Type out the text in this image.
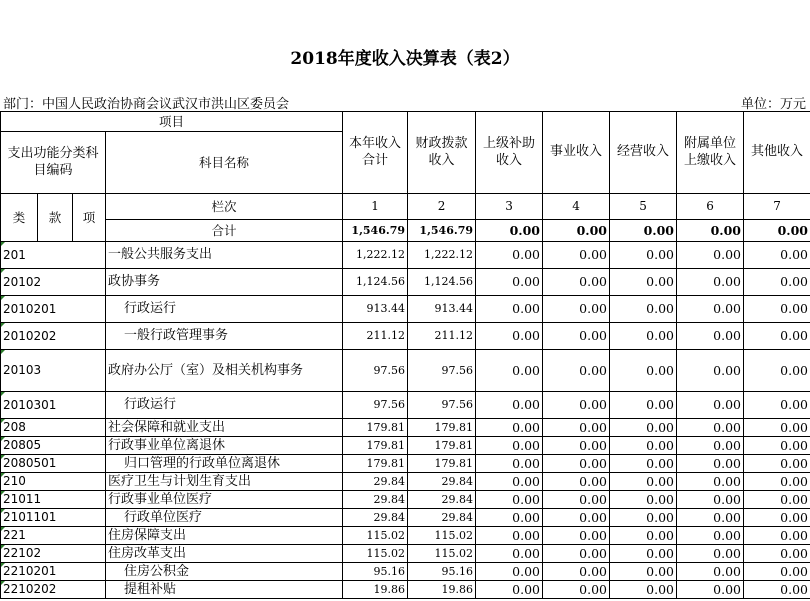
2018年度收入决算表（表2）
部门：中国人民政治协商会议武汉市洪山区委员会	单位：万元
项目				本年收入合计	财政拨款收入	上级补助收入	事业收入	经营收入	附属单位上缴收入	其他收入
支出功能分类科目编码			科目名称							

类	款	项	栏次	1	2	3	4	5	6	7
			合计	1,546.79	1,546.79	0.00	0.00	0.00	0.00	0.00
201			一般公共服务支出	1,222.12	1,222.12	0.00	0.00	0.00	0.00	0.00
20102			政协事务	1,124.56	1,124.56	0.00	0.00	0.00	0.00	0.00
2010201			行政运行	913.44	913.44	0.00	0.00	0.00	0.00	0.00
2010202			一般行政管理事务	211.12	211.12	0.00	0.00	0.00	0.00	0.00
20103			政府办公厅（室）及相关机构事务	97.56	97.56	0.00	0.00	0.00	0.00	0.00
2010301			行政运行	97.56	97.56	0.00	0.00	0.00	0.00	0.00
208			社会保障和就业支出	179.81	179.81	0.00	0.00	0.00	0.00	0.00
20805			行政事业单位离退休	179.81	179.81	0.00	0.00	0.00	0.00	0.00
2080501			归口管理的行政单位离退休	179.81	179.81	0.00	0.00	0.00	0.00	0.00
210			医疗卫生与计划生育支出	29.84	29.84	0.00	0.00	0.00	0.00	0.00
21011			行政事业单位医疗	29.84	29.84	0.00	0.00	0.00	0.00	0.00
2101101			行政单位医疗	29.84	29.84	0.00	0.00	0.00	0.00	0.00
221			住房保障支出	115.02	115.02	0.00	0.00	0.00	0.00	0.00
22102			住房改革支出	115.02	115.02	0.00	0.00	0.00	0.00	0.00
2210201			住房公积金	95.16	95.16	0.00	0.00	0.00	0.00	0.00
2210202			提租补贴	19.86	19.86	0.00	0.00	0.00	0.00	0.00
